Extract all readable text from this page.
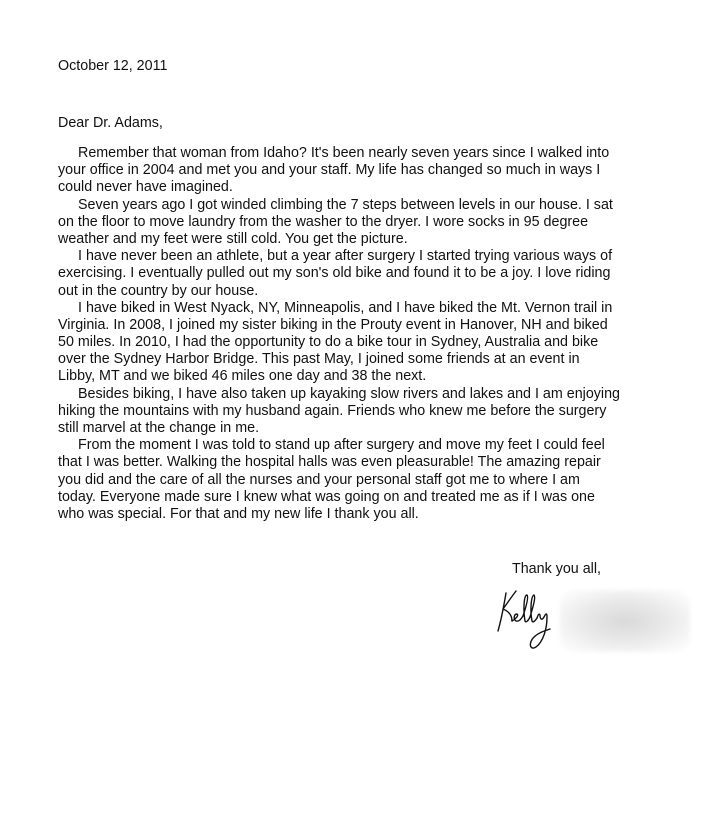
October 12, 2011
Dear Dr. Adams,
Remember that woman from Idaho? It's been nearly seven years since I walked into
your office in 2004 and met you and your staff. My life has changed so much in ways I
could never have imagined.
Seven years ago I got winded climbing the 7 steps between levels in our house. I sat
on the floor to move laundry from the washer to the dryer. I wore socks in 95 degree
weather and my feet were still cold. You get the picture.
I have never been an athlete, but a year after surgery I started trying various ways of
exercising. I eventually pulled out my son's old bike and found it to be a joy. I love riding
out in the country by our house.
I have biked in West Nyack, NY, Minneapolis, and I have biked the Mt. Vernon trail in
Virginia. In 2008, I joined my sister biking in the Prouty event in Hanover, NH and biked
50 miles. In 2010, I had the opportunity to do a bike tour in Sydney, Australia and bike
over the Sydney Harbor Bridge. This past May, I joined some friends at an event in
Libby, MT and we biked 46 miles one day and 38 the next.
Besides biking, I have also taken up kayaking slow rivers and lakes and I am enjoying
hiking the mountains with my husband again. Friends who knew me before the surgery
still marvel at the change in me.
From the moment I was told to stand up after surgery and move my feet I could feel
that I was better. Walking the hospital halls was even pleasurable! The amazing repair
you did and the care of all the nurses and your personal staff got me to where I am
today. Everyone made sure I knew what was going on and treated me as if I was one
who was special. For that and my new life I thank you all.
Thank you all,
